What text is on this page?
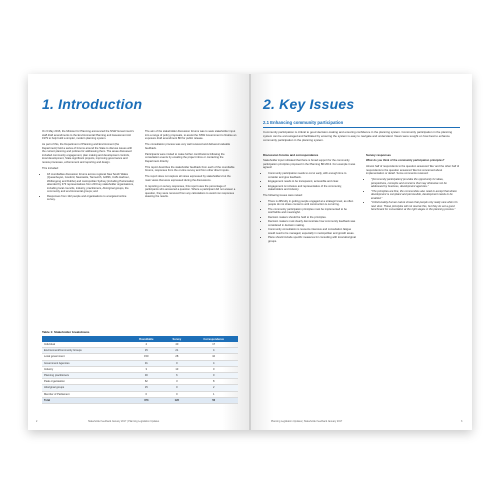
1. Introduction

On 6 May 2016, the Minister for Planning announced the NSW Government's staff draft amendments to the Environmental Planning and Assessment Act 1979 to help build a simpler, modern planning system.

As part of this, the Department of Planning and Environment (the Department) held a series of forums around the State to discuss issues with the current planning and policies for addressing them. The areas discussed included community engagement, plan making and development controls, local development, State significant projects, improving governance and review processes, enforcement and reporting and design.

This included:

• 18 roundtables discussion forums across regional New South Wales (Queanbeyan, Gosford, Newcastle, Tamworth, Griffith, Coffs Harbour, Wollongong and Dubbo) and metropolitan Sydney (including Parramatta) attended by 373 representatives from 203 key stakeholder organisations, including local councils, industry, practitioners, Aboriginal groups, the community and environmental groups; and
• Responses from 122 people and organisations to a targeted online survey.

The aim of the stakeholder discussion forums was to seek stakeholder input into a range of policy proposals, to assist the NSW Government to finalise an exposure draft amendment Bill for public release.

The consultation process was very well received and delivered valuable feedback.

Participants were invited to make further contributions following the consultation events by emailing the project inbox or contacting the Department directly.

This report describes the stakeholder feedback from each of the roundtable forums, responses from the on-line survey and from other direct inputs.

The report does not capture all views expressed by stakeholders but the main views that were expressed during the discussions.

In reporting on survey responses, this report uses the percentage of participants who answered a question. Where a participant did not answer a question, they were removed from any calculations to avoid non responses skewing the results.

Table 1: Stakeholder breakdowns
	Roundtable	Survey	Correspondence
Individual	4	40	17
Environment/Community Groups	15	21	4
Local government	150	28	10
Government Agencies	31	0	4
Industry	3	13	0
Planning practitioners	30	6	0
Peak organisation	62	3	8
Aboriginal groups	15	0	2
Member of Parliament	0	0	1
Total	373	122	56
2	Stakeholder feedback January 2017 | Planning Legislation Updates
2. Key Issues
2.1 Enhancing community participation

Community participation is critical to good decision-making and ensuring confidence in the planning system. Community participation in the planning system can be encouraged and facilitated by ensuring the system is easy to navigate and understand. Views were sought on how best to enhance community participation in the planning system.

Discussion forums and correspondence

Stakeholder input indicated that there is broad support for the community participation principles proposed in the Planning Bill 2013. For example it was agreed:

• Community participation needs to occur early, with enough time to consider and give feedback.
• Engagement needs to be transparent, accessible and clear.
• Engagement is inclusive and representative of the community, stakeholders and industry.

The following issues were raised:

• There is difficulty in getting people engaged at a strategic level, as often people do not share concerns until construction is occurring.
• The community participation principles must be implemented to be worthwhile and meaningful.
• Decision makers should be held to the principles.
• Decision makers must clearly demonstrate how community feedback was considered in decision making.
• Community consultation is resource intensive and consultation fatigue would need to be managed, especially in metropolitan and growth areas.
• Plans should include specific measures for consulting with local aboriginal groups.
Survey responses

What do you think of the community participation principles?

Almost half of respondents to the question answered 'like' and the other half of respondents to the question answered 'like but concerned about implementation or detail'. Some comments received:

• "[Community participation] provides the opportunity for ideas, perspectives, concepts and concerns that may otherwise not be addressed by business, development agencies."
• "The principles are fine, the communities also need to accept that where development is compliant and permissible, development needs to be enabled."
• "Unfortunately human nature shows that people only really care when it's next door. These principles will not resolve this, but they do set a good benchmark for consultation at the right stages in the planning process."
Planning Legislation Updates | Stakeholder feedback January 2017	3
